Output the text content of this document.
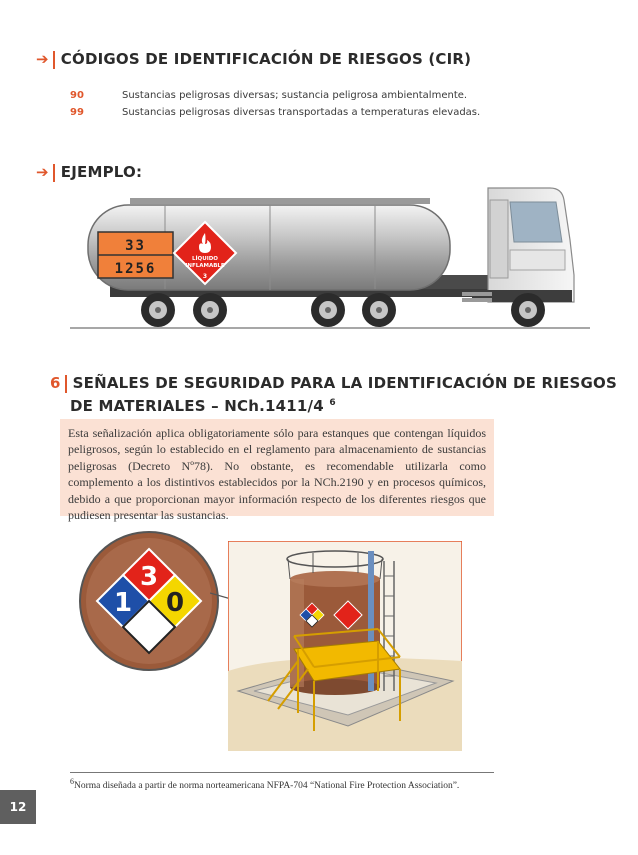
➔ CÓDIGOS DE IDENTIFICACIÓN DE RIESGOS (CIR)
90	Sustancias peligrosas diversas; sustancia peligrosa ambientalmente.
99	Sustancias peligrosas diversas transportadas a temperaturas elevadas.
➔ EJEMPLO:
33
1256
LÍQUIDO
INFLAMABLE
3
6 SEÑALES DE SEGURIDAD PARA LA IDENTIFICACIÓN DE RIESGOS
DE MATERIALES – NCh.1411/4 $^6$
Esta señalización aplica obligatoriamente sólo para estanques que contengan líquidos peligrosos, según lo establecido en el reglamento para almacenamiento de sustancias peligrosas (Decreto Nº78). No obstante, es recomendable utilizarla como complemento a los distintivos establecidos por la NCh.2190 y en procesos químicos, debido a que proporcionan mayor información respecto de los diferentes riesgos que pudiesen presentar las sustancias.
3
1 0
$^6$Norma diseñada a partir de norma norteamericana NFPA-704 “National Fire Protection Association”.
12
